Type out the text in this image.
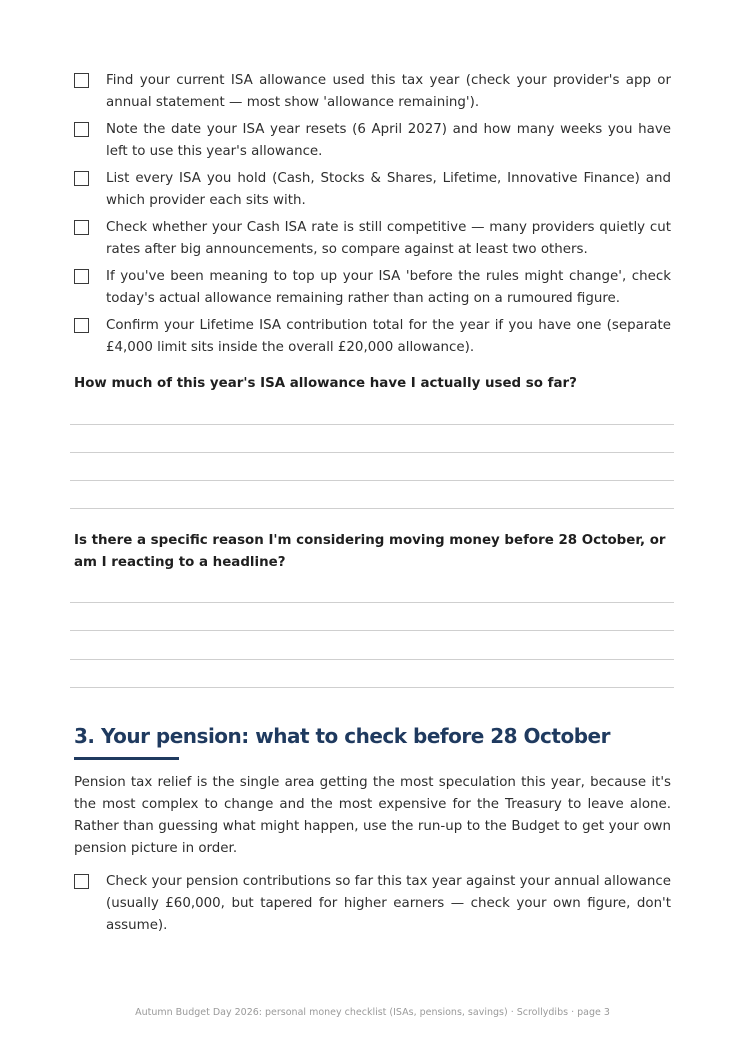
Find your current ISA allowance used this tax year (check your provider's app or annual statement — most show 'allowance remaining').
Note the date your ISA year resets (6 April 2027) and how many weeks you have left to use this year's allowance.
List every ISA you hold (Cash, Stocks & Shares, Lifetime, Innovative Finance) and which provider each sits with.
Check whether your Cash ISA rate is still competitive — many providers quietly cut rates after big announcements, so compare against at least two others.
If you've been meaning to top up your ISA 'before the rules might change', check today's actual allowance remaining rather than acting on a rumoured figure.
Confirm your Lifetime ISA contribution total for the year if you have one (separate £4,000 limit sits inside the overall £20,000 allowance).
How much of this year's ISA allowance have I actually used so far?
Is there a specific reason I'm considering moving money before 28 October, or am I reacting to a headline?
3. Your pension: what to check before 28 October
Pension tax relief is the single area getting the most speculation this year, because it's the most complex to change and the most expensive for the Treasury to leave alone. Rather than guessing what might happen, use the run-up to the Budget to get your own pension picture in order.
Check your pension contributions so far this tax year against your annual allowance (usually £60,000, but tapered for higher earners — check your own figure, don't assume).
Autumn Budget Day 2026: personal money checklist (ISAs, pensions, savings) · Scrollydibs · page 3
